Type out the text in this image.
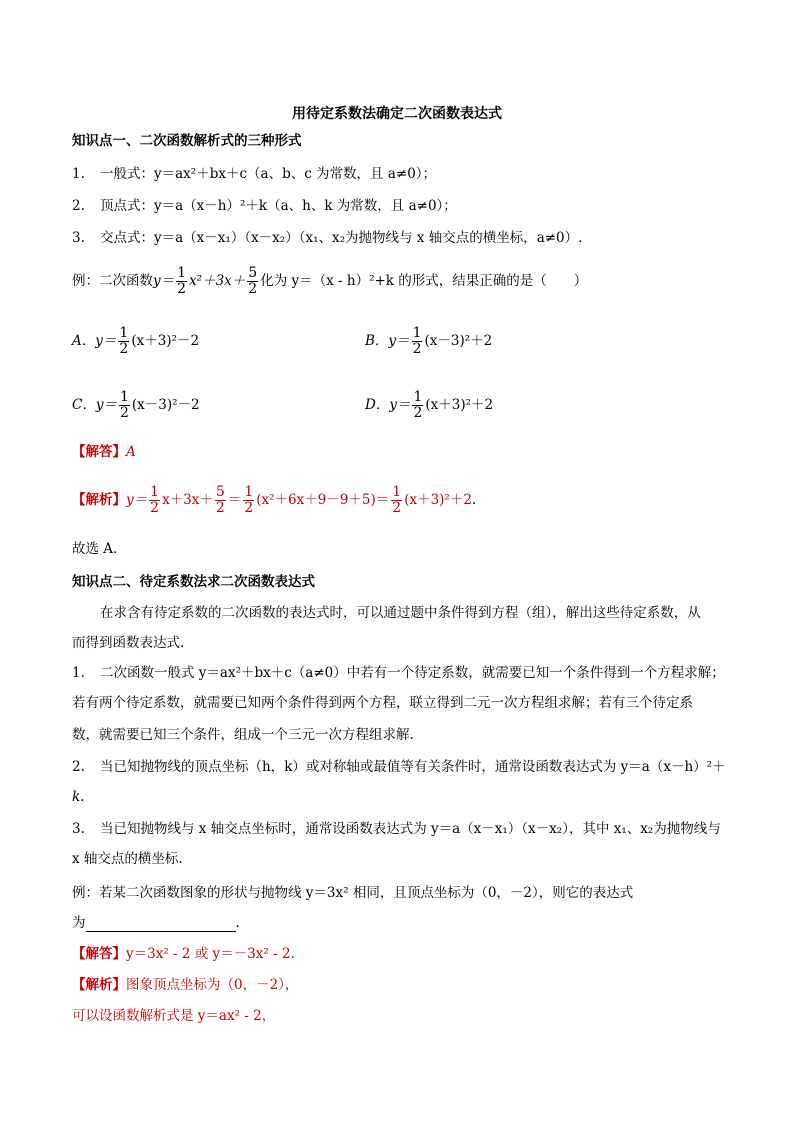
用待定系数法确定二次函数表达式
知识点一、二次函数解析式的三种形式
1. 一般式：y＝ax²＋bx＋c（a、b、c 为常数，且 a≠0）；
2. 顶点式：y＝a（x－h）²＋k（a、h、k 为常数，且 a≠0）；
3. 交点式：y＝a（x－x₁）（x－x₂）（x₁、x₂为抛物线与 x 轴交点的横坐标，a≠0）.
例：二次函数$y= \frac{1}{2} x^2+3x+ \frac{5}{2}$ 化为 y＝（x - h）²+k 的形式，结果正确的是（　　）
A．$y= \frac{1}{2} (x+3)^2-2$	B．$y= \frac{1}{2} (x-3)^2+2$
C．$y= \frac{1}{2} (x-3)^2-2$	D．$y= \frac{1}{2} (x+3)^2+2$
【解答】A
【解析】$y= \frac{1}{2} x+3x+ \frac{5}{2} = \frac{1}{2} (x^2+6x+9-9+5)= \frac{1}{2} (x+3)^2+2$.
故选 A．
知识点二、待定系数法求二次函数表达式
在求含有待定系数的二次函数的表达式时，可以通过题中条件得到方程（组），解出这些待定系数，从
而得到函数表达式.
1. 二次函数一般式 y＝ax²＋bx＋c（a≠0）中若有一个待定系数，就需要已知一个条件得到一个方程求解；
若有两个待定系数，就需要已知两个条件得到两个方程，联立得到二元一次方程组求解；若有三个待定系
数，就需要已知三个条件，组成一个三元一次方程组求解.
2. 当已知抛物线的顶点坐标（h，k）或对称轴或最值等有关条件时，通常设函数表达式为 y＝a（x－h）²＋
k.
3. 当已知抛物线与 x 轴交点坐标时，通常设函数表达式为 y＝a（x－x₁）（x－x₂），其中 x₁、x₂为抛物线与
x 轴交点的横坐标.
例：若某二次函数图象的形状与抛物线 y＝3x² 相同，且顶点坐标为（0，－2），则它的表达式
为	．
【解答】y＝3x² - 2 或 y＝－3x² - 2．
【解析】图象顶点坐标为（0，－2），
可以设函数解析式是 y＝ax² - 2，
